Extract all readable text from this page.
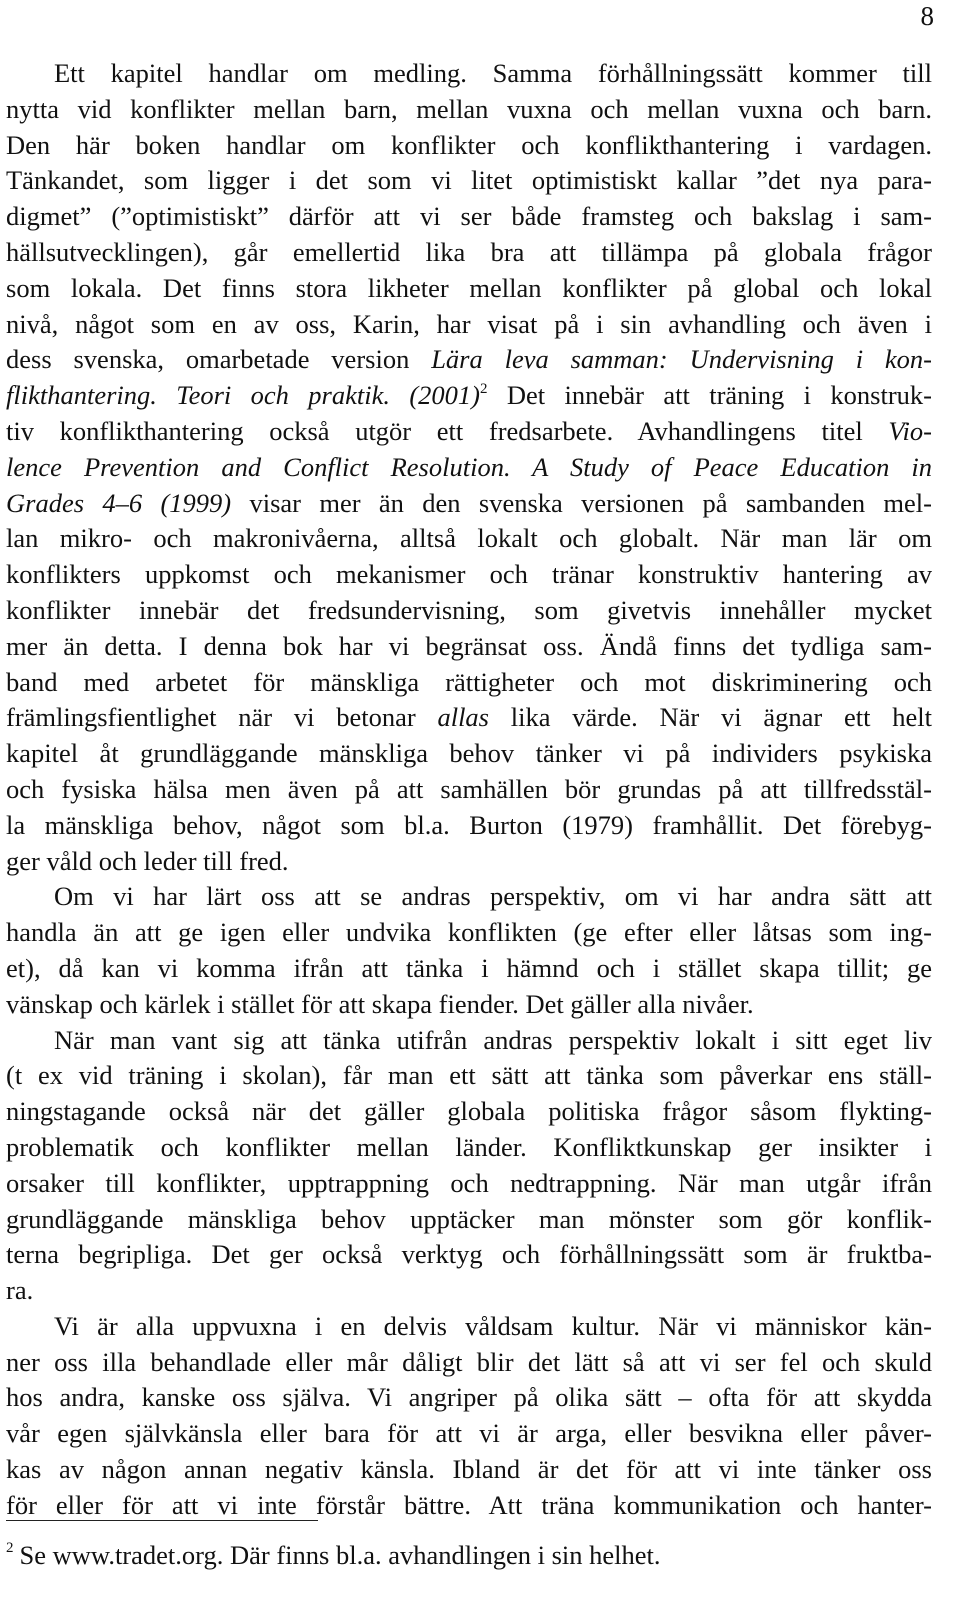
8
Ett kapitel handlar om medling. Samma förhållningssätt kommer till
nytta vid konflikter mellan barn, mellan vuxna och mellan vuxna och barn.
Den här boken handlar om konflikter och konflikthantering i vardagen.
Tänkandet, som ligger i det som vi litet optimistiskt kallar ”det nya para-
digmet” (”optimistiskt” därför att vi ser både framsteg och bakslag i sam-
hällsutvecklingen), går emellertid lika bra att tillämpa på globala frågor
som lokala. Det finns stora likheter mellan konflikter på global och lokal
nivå, något som en av oss, Karin, har visat på i sin avhandling och även i
dess svenska, omarbetade version Lära leva samman: Undervisning i kon-
flikthantering. Teori och praktik. $(2001)^2$ Det innebär att träning i konstruk-
tiv konflikthantering också utgör ett fredsarbete. Avhandlingens titel Vio-
lence Prevention and Conflict Resolution. A Study of Peace Education in
Grades 4–6 (1999) visar mer än den svenska versionen på sambanden mel-
lan mikro- och makronivåerna, alltså lokalt och globalt. När man lär om
konflikters uppkomst och mekanismer och tränar konstruktiv hantering av
konflikter innebär det fredsundervisning, som givetvis innehåller mycket
mer än detta. I denna bok har vi begränsat oss. Ändå finns det tydliga sam-
band med arbetet för mänskliga rättigheter och mot diskriminering och
främlingsfientlighet när vi betonar allas lika värde. När vi ägnar ett helt
kapitel åt grundläggande mänskliga behov tänker vi på individers psykiska
och fysiska hälsa men även på att samhällen bör grundas på att tillfredsstäl-
la mänskliga behov, något som bl.a. Burton (1979) framhållit. Det förebyg-
ger våld och leder till fred.
Om vi har lärt oss att se andras perspektiv, om vi har andra sätt att
handla än att ge igen eller undvika konflikten (ge efter eller låtsas som ing-
et), då kan vi komma ifrån att tänka i hämnd och i stället skapa tillit; ge
vänskap och kärlek i stället för att skapa fiender. Det gäller alla nivåer.
När man vant sig att tänka utifrån andras perspektiv lokalt i sitt eget liv
(t ex vid träning i skolan), får man ett sätt att tänka som påverkar ens ställ-
ningstagande också när det gäller globala politiska frågor såsom flykting-
problematik och konflikter mellan länder. Konfliktkunskap ger insikter i
orsaker till konflikter, upptrappning och nedtrappning. När man utgår ifrån
grundläggande mänskliga behov upptäcker man mönster som gör konflik-
terna begripliga. Det ger också verktyg och förhållningssätt som är fruktba-
ra.
Vi är alla uppvuxna i en delvis våldsam kultur. När vi människor kän-
ner oss illa behandlade eller mår dåligt blir det lätt så att vi ser fel och skuld
hos andra, kanske oss själva. Vi angriper på olika sätt – ofta för att skydda
vår egen självkänsla eller bara för att vi är arga, eller besvikna eller påver-
kas av någon annan negativ känsla. Ibland är det för att vi inte tänker oss
för eller för att vi inte förstår bättre. Att träna kommunikation och hanter-
$^2$ Se www.tradet.org. Där finns bl.a. avhandlingen i sin helhet.
